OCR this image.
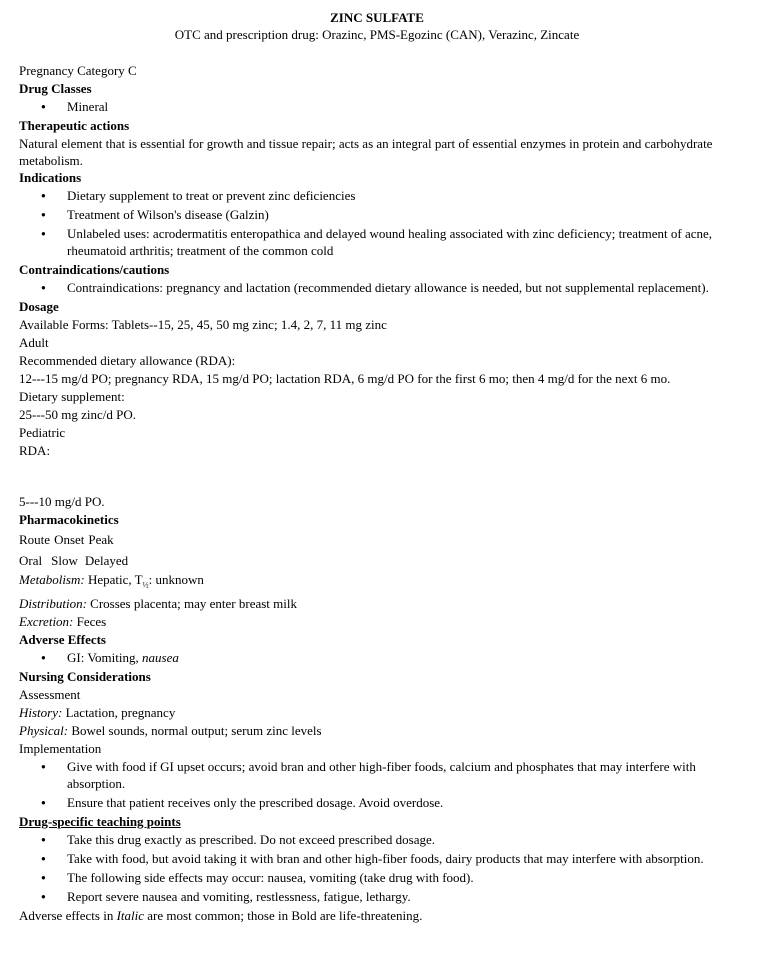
ZINC SULFATE

OTC and prescription drug: Orazinc, PMS-Egozinc (CAN), Verazinc, Zincate

Pregnancy Category C

Drug Classes

● Mineral

Therapeutic actions

Natural element that is essential for growth and tissue repair; acts as an integral part of essential enzymes in protein and carbohydrate metabolism.

Indications

● Dietary supplement to treat or prevent zinc deficiencies
● Treatment of Wilson's disease (Galzin)
● Unlabeled uses: acrodermatitis enteropathica and delayed wound healing associated with zinc deficiency; treatment of acne, rheumatoid arthritis; treatment of the common cold

Contraindications/cautions

● Contraindications: pregnancy and lactation (recommended dietary allowance is needed, but not supplemental replacement).

Dosage

Available Forms: Tablets--15, 25, 45, 50 mg zinc; 1.4, 2, 7, 11 mg zinc

Adult

Recommended dietary allowance (RDA):

12---15 mg/d PO; pregnancy RDA, 15 mg/d PO; lactation RDA, 6 mg/d PO for the first 6 mo; then 4 mg/d for the next 6 mo.

Dietary supplement:

25---50 mg zinc/d PO.

Pediatric

RDA:

5---10 mg/d PO.

Pharmacokinetics

Route Onset Peak

Oral Slow Delayed

Metabolism: Hepatic, $T_{\frac{1}{2}}$: unknown

Distribution: Crosses placenta; may enter breast milk

Excretion: Feces

Adverse Effects

● GI: Vomiting, nausea

Nursing Considerations

Assessment

History: Lactation, pregnancy

Physical: Bowel sounds, normal output; serum zinc levels

Implementation

● Give with food if GI upset occurs; avoid bran and other high-fiber foods, calcium and phosphates that may interfere with absorption.
● Ensure that patient receives only the prescribed dosage. Avoid overdose.

Drug-specific teaching points

● Take this drug exactly as prescribed. Do not exceed prescribed dosage.
● Take with food, but avoid taking it with bran and other high-fiber foods, dairy products that may interfere with absorption.
● The following side effects may occur: nausea, vomiting (take drug with food).
● Report severe nausea and vomiting, restlessness, fatigue, lethargy.

Adverse effects in Italic are most common; those in Bold are life-threatening.
